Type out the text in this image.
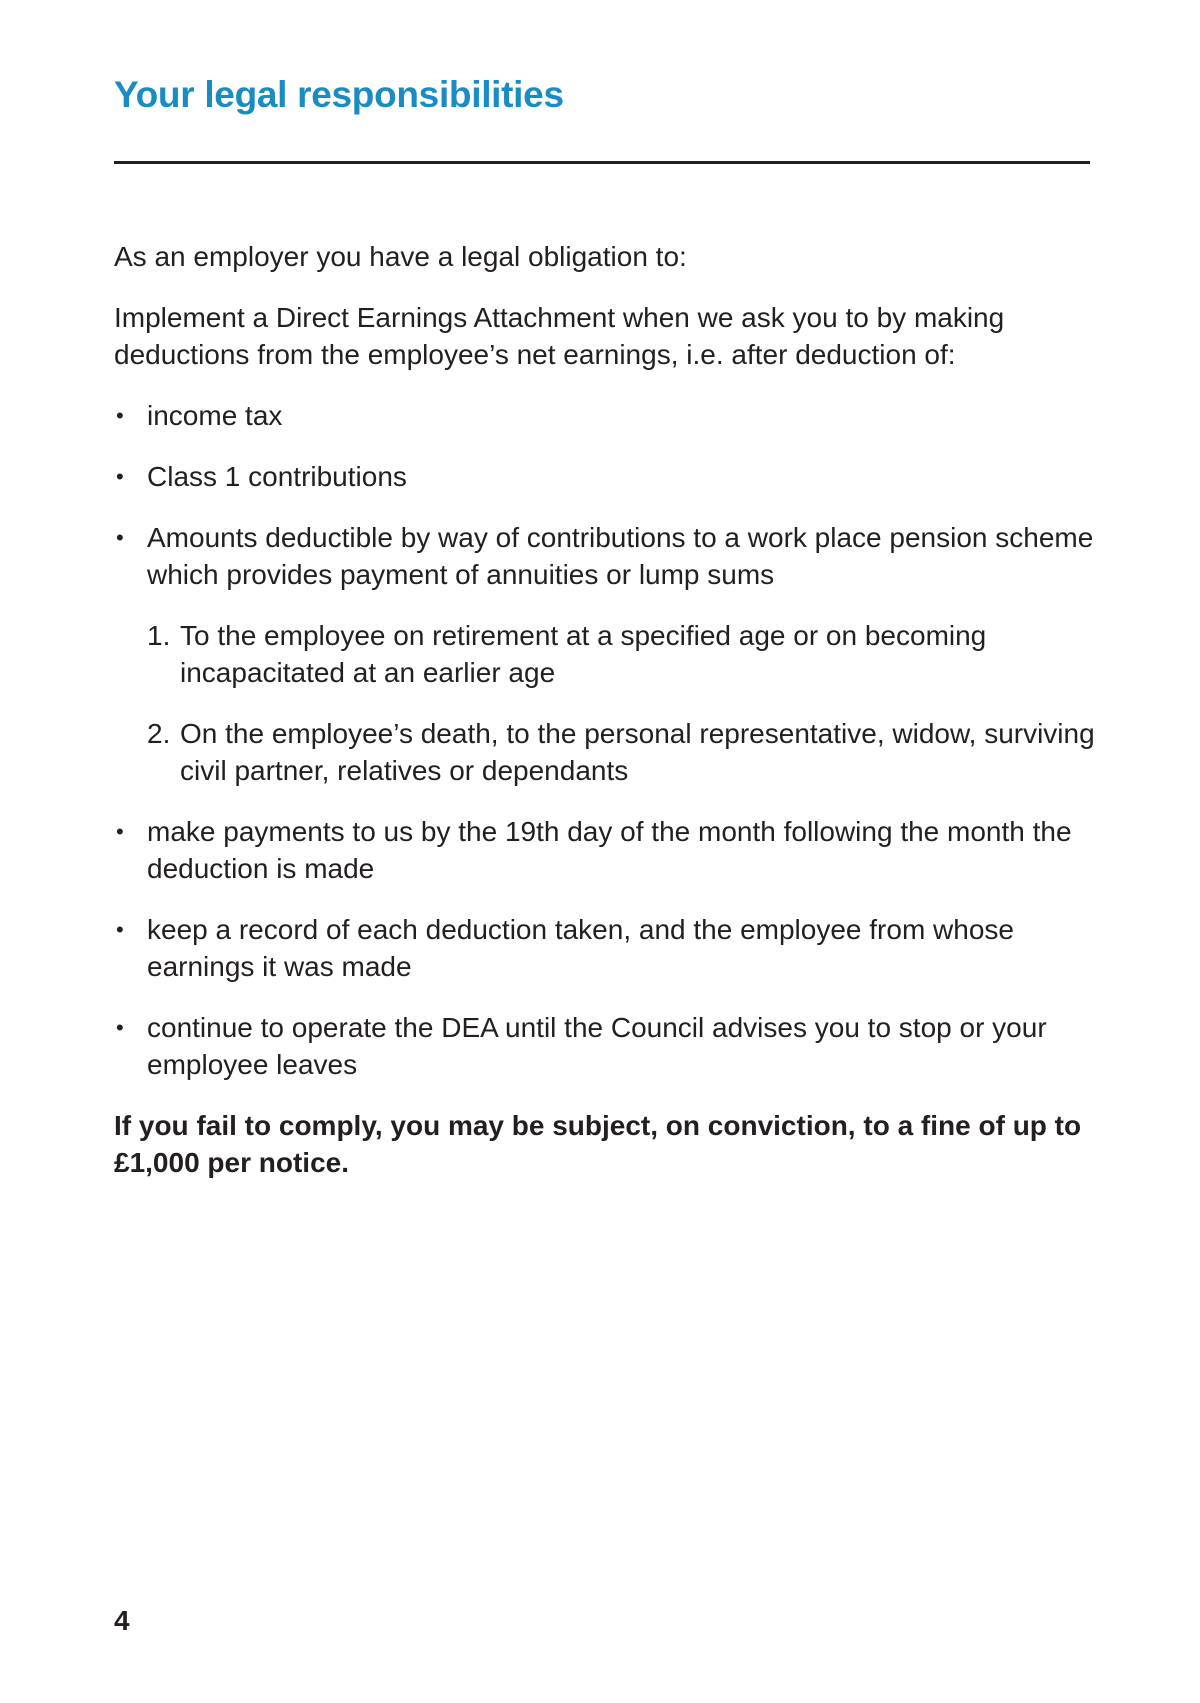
Your legal responsibilities

As an employer you have a legal obligation to:

Implement a Direct Earnings Attachment when we ask you to by making deductions from the employee’s net earnings, i.e. after deduction of:

• income tax
• Class 1 contributions
• Amounts deductible by way of contributions to a work place pension scheme which provides payment of annuities or lump sums
1. To the employee on retirement at a specified age or on becoming incapacitated at an earlier age
2. On the employee’s death, to the personal representative, widow, surviving civil partner, relatives or dependants
• make payments to us by the 19th day of the month following the month the deduction is made
• keep a record of each deduction taken, and the employee from whose earnings it was made
• continue to operate the DEA until the Council advises you to stop or your employee leaves

If you fail to comply, you may be subject, on conviction, to a fine of up to £1,000 per notice.

4
